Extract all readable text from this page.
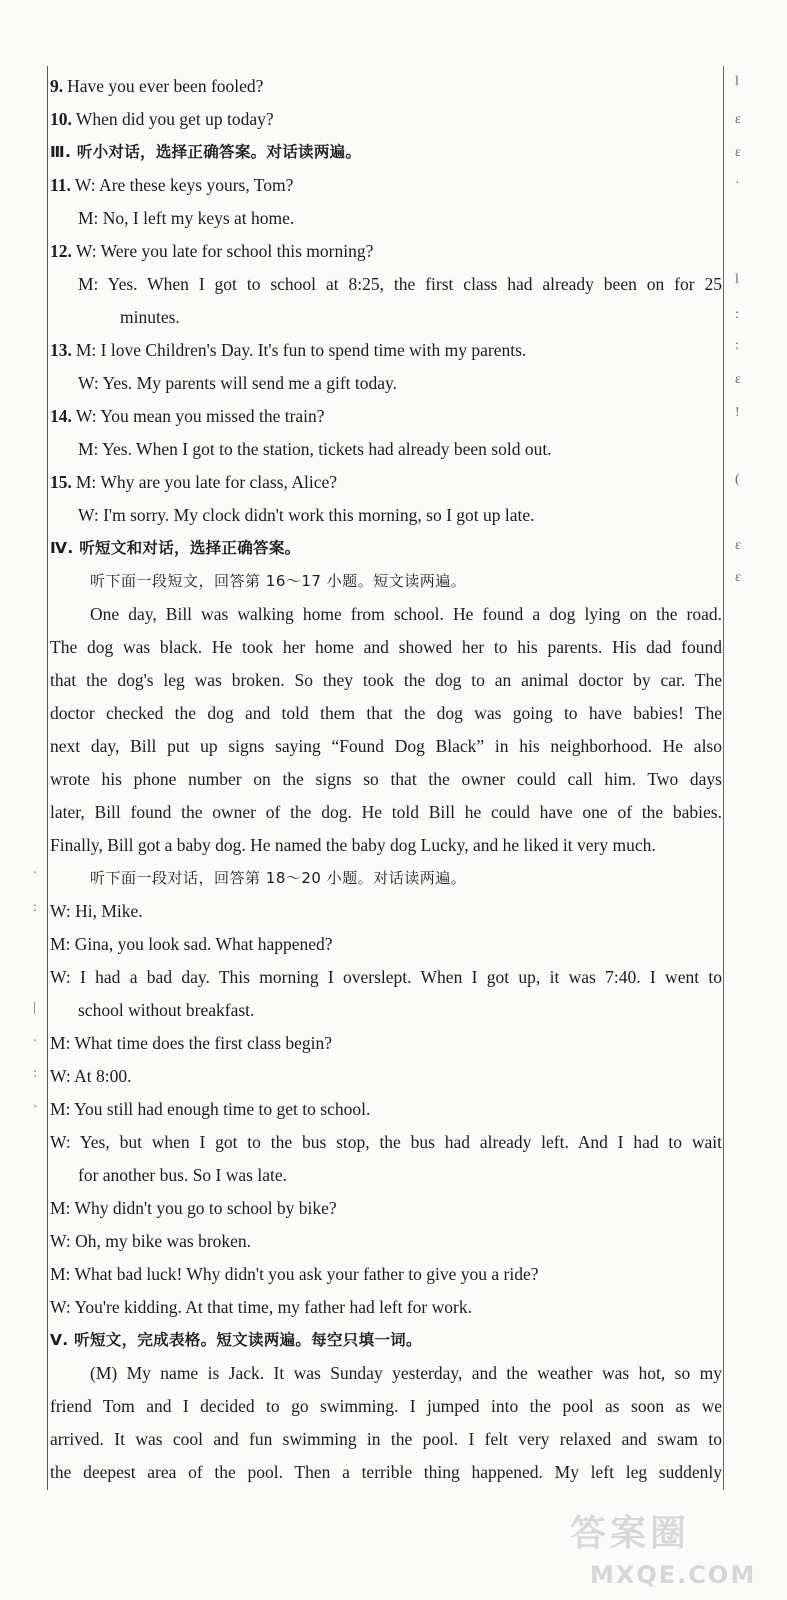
l
ɛ
ɛ
·
l
:
:
ɛ
!
(
ɛ
ɛ
·
:
|
·
:
·
9. Have you ever been fooled?
10. When did you get up today?
Ⅲ. 听小对话，选择正确答案。对话读两遍。
11. W: Are these keys yours, Tom?
M: No, I left my keys at home.
12. W: Were you late for school this morning?
M: Yes. When I got to school at 8:25, the first class had already been on for 25
minutes.
13. M: I love Children's Day. It's fun to spend time with my parents.
W: Yes. My parents will send me a gift today.
14. W: You mean you missed the train?
M: Yes. When I got to the station, tickets had already been sold out.
15. M: Why are you late for class, Alice?
W: I'm sorry. My clock didn't work this morning, so I got up late.
Ⅳ. 听短文和对话，选择正确答案。
听下面一段短文，回答第 16～17 小题。短文读两遍。
One day, Bill was walking home from school. He found a dog lying on the road.
The dog was black. He took her home and showed her to his parents. His dad found
that the dog's leg was broken. So they took the dog to an animal doctor by car. The
doctor checked the dog and told them that the dog was going to have babies! The
next day, Bill put up signs saying “Found Dog Black” in his neighborhood. He also
wrote his phone number on the signs so that the owner could call him. Two days
later, Bill found the owner of the dog. He told Bill he could have one of the babies.
Finally, Bill got a baby dog. He named the baby dog Lucky, and he liked it very much.
听下面一段对话，回答第 18～20 小题。对话读两遍。
W: Hi, Mike.
M: Gina, you look sad. What happened?
W: I had a bad day. This morning I overslept. When I got up, it was 7:40. I went to
school without breakfast.
M: What time does the first class begin?
W: At 8:00.
M: You still had enough time to get to school.
W: Yes, but when I got to the bus stop, the bus had already left. And I had to wait
for another bus. So I was late.
M: Why didn't you go to school by bike?
W: Oh, my bike was broken.
M: What bad luck! Why didn't you ask your father to give you a ride?
W: You're kidding. At that time, my father had left for work.
Ⅴ. 听短文，完成表格。短文读两遍。每空只填一词。
(M) My name is Jack. It was Sunday yesterday, and the weather was hot, so my
friend Tom and I decided to go swimming. I jumped into the pool as soon as we
arrived. It was cool and fun swimming in the pool. I felt very relaxed and swam to
the deepest area of the pool. Then a terrible thing happened. My left leg suddenly
答案圈
MXQE.COM
